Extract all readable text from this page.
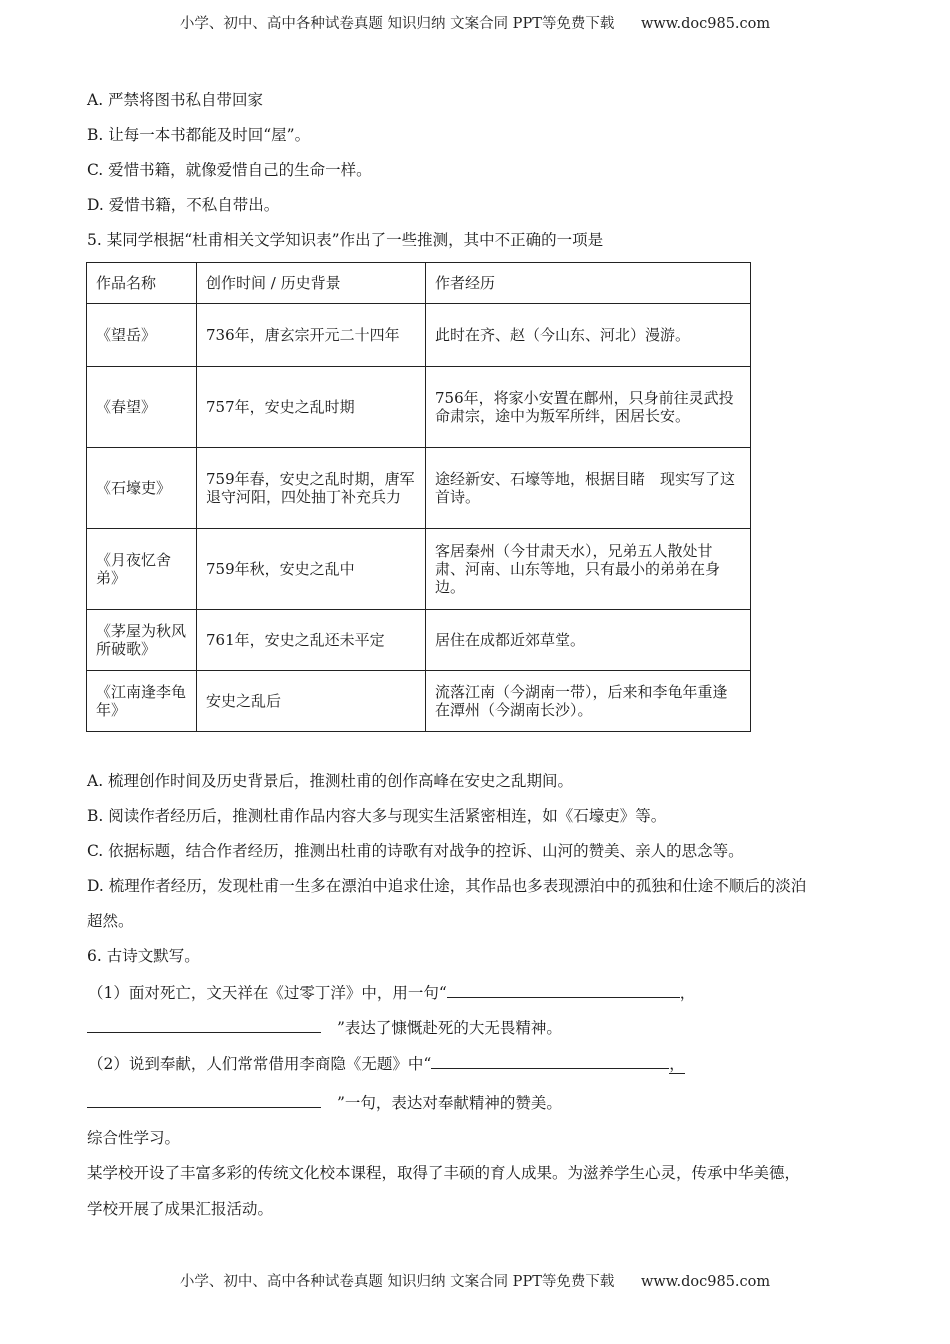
小学、初中、高中各种试卷真题 知识归纳 文案合同 PPT等免费下载 www.doc985.com
A. 严禁将图书私自带回家
B. 让每一本书都能及时回“屋”。
C. 爱惜书籍，就像爱惜自己的生命一样。
D. 爱惜书籍，不私自带出。
5. 某同学根据“杜甫相关文学知识表”作出了一些推测，其中不正确的一项是
作品名称	创作时间 / 历史背景	作者经历
《望岳》	736年，唐玄宗开元二十四年	此时在齐、赵（今山东、河北）漫游。
《春望》	757年，安史之乱时期	756年，将家小安置在鄜州，只身前往灵武投命肃宗，途中为叛军所绊，困居长安。
《石壕吏》	759年春，安史之乱时期，唐军退守河阳，四处抽丁补充兵力	途经新安、石壕等地，根据目睹　现实写了这首诗。
《月夜忆舍弟》	759年秋，安史之乱中	客居秦州（今甘肃天水），兄弟五人散处甘肃、河南、山东等地，只有最小的弟弟在身边。
《茅屋为秋风所破歌》	761年，安史之乱还未平定	居住在成都近郊草堂。
《江南逢李龟年》	安史之乱后	流落江南（今湖南一带），后来和李龟年重逢在潭州（今湖南长沙）。
A. 梳理创作时间及历史背景后，推测杜甫的创作高峰在安史之乱期间。
B. 阅读作者经历后，推测杜甫作品内容大多与现实生活紧密相连，如《石壕吏》等。
C. 依据标题，结合作者经历，推测出杜甫的诗歌有对战争的控诉、山河的赞美、亲人的思念等。
D. 梳理作者经历，发现杜甫一生多在漂泊中追求仕途，其作品也多表现漂泊中的孤独和仕途不顺后的淡泊
超然。
6. 古诗文默写。
（1）面对死亡，文天祥在《过零丁洋》中，用一句“	，
”表达了慷慨赴死的大无畏精神。
（2）说到奉献，人们常常借用李商隐《无题》中“	，
”一句，表达对奉献精神的赞美。
综合性学习。
某学校开设了丰富多彩的传统文化校本课程，取得了丰硕的育人成果。为滋养学生心灵，传承中华美德，
学校开展了成果汇报活动。
小学、初中、高中各种试卷真题 知识归纳 文案合同 PPT等免费下载 www.doc985.com
